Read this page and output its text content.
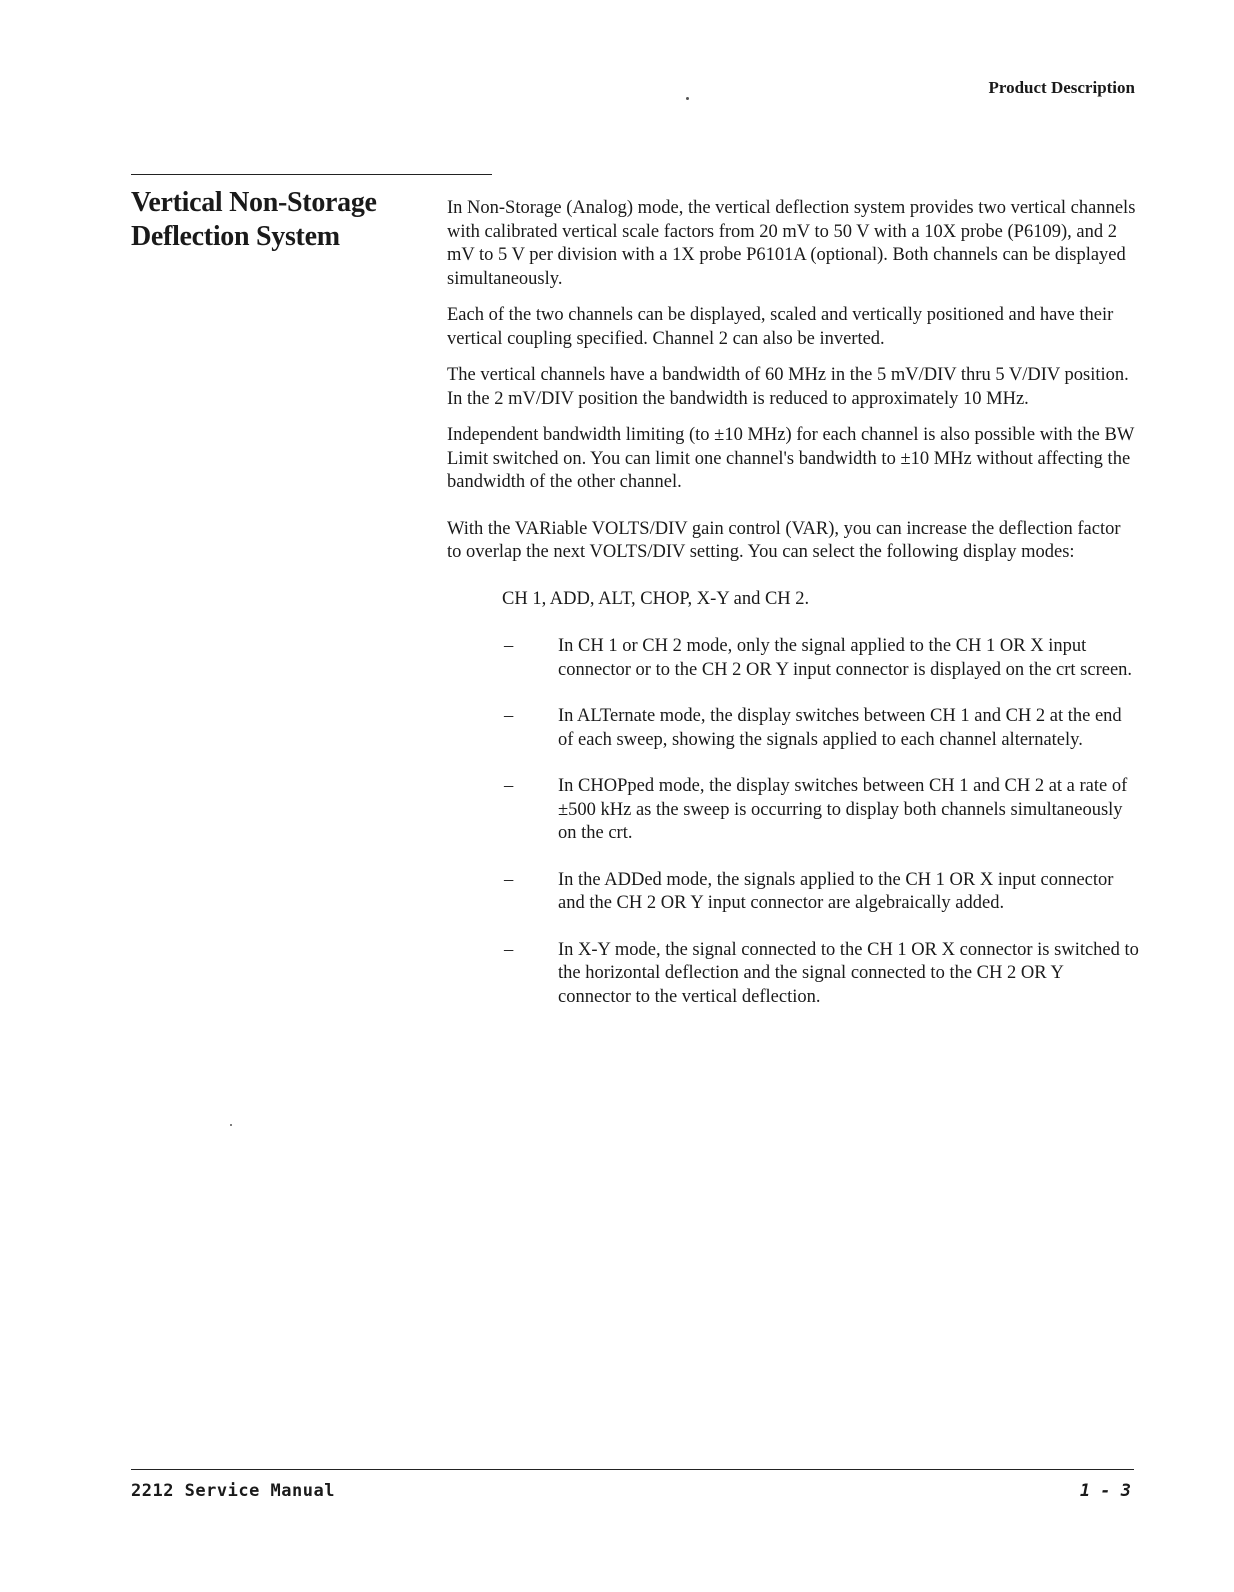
Product Description
Vertical Non-Storage
Deflection System

In Non-Storage (Analog) mode, the vertical deflection system provides two vertical channels with calibrated vertical scale factors from 20 mV to 50 V with a 10X probe (P6109), and 2 mV to 5 V per division with a 1X probe P6101A (optional). Both channels can be displayed simultaneously.

Each of the two channels can be displayed, scaled and vertically positioned and have their vertical coupling specified. Channel 2 can also be inverted.

The vertical channels have a bandwidth of 60 MHz in the 5 mV/DIV thru 5 V/DIV position. In the 2 mV/DIV position the bandwidth is reduced to approximately 10 MHz.

Independent bandwidth limiting (to ±10 MHz) for each channel is also possible with the BW Limit switched on. You can limit one channel's bandwidth to ±10 MHz without affecting the bandwidth of the other channel.

With the VARiable VOLTS/DIV gain control (VAR), you can increase the deflection factor to overlap the next VOLTS/DIV setting. You can select the following display modes:

CH 1, ADD, ALT, CHOP, X-Y and CH 2.

– In CH 1 or CH 2 mode, only the signal applied to the CH 1 OR X input connector or to the CH 2 OR Y input connector is displayed on the crt screen.
– In ALTernate mode, the display switches between CH 1 and CH 2 at the end of each sweep, showing the signals applied to each channel alternately.
– In CHOPped mode, the display switches between CH 1 and CH 2 at a rate of ±500 kHz as the sweep is occurring to display both channels simultaneously on the crt.
– In the ADDed mode, the signals applied to the CH 1 OR X input connector and the CH 2 OR Y input connector are algebraically added.
– In X-Y mode, the signal connected to the CH 1 OR X connector is switched to the horizontal deflection and the signal connected to the CH 2 OR Y connector to the vertical deflection.
2212 Service Manual	1 - 3
